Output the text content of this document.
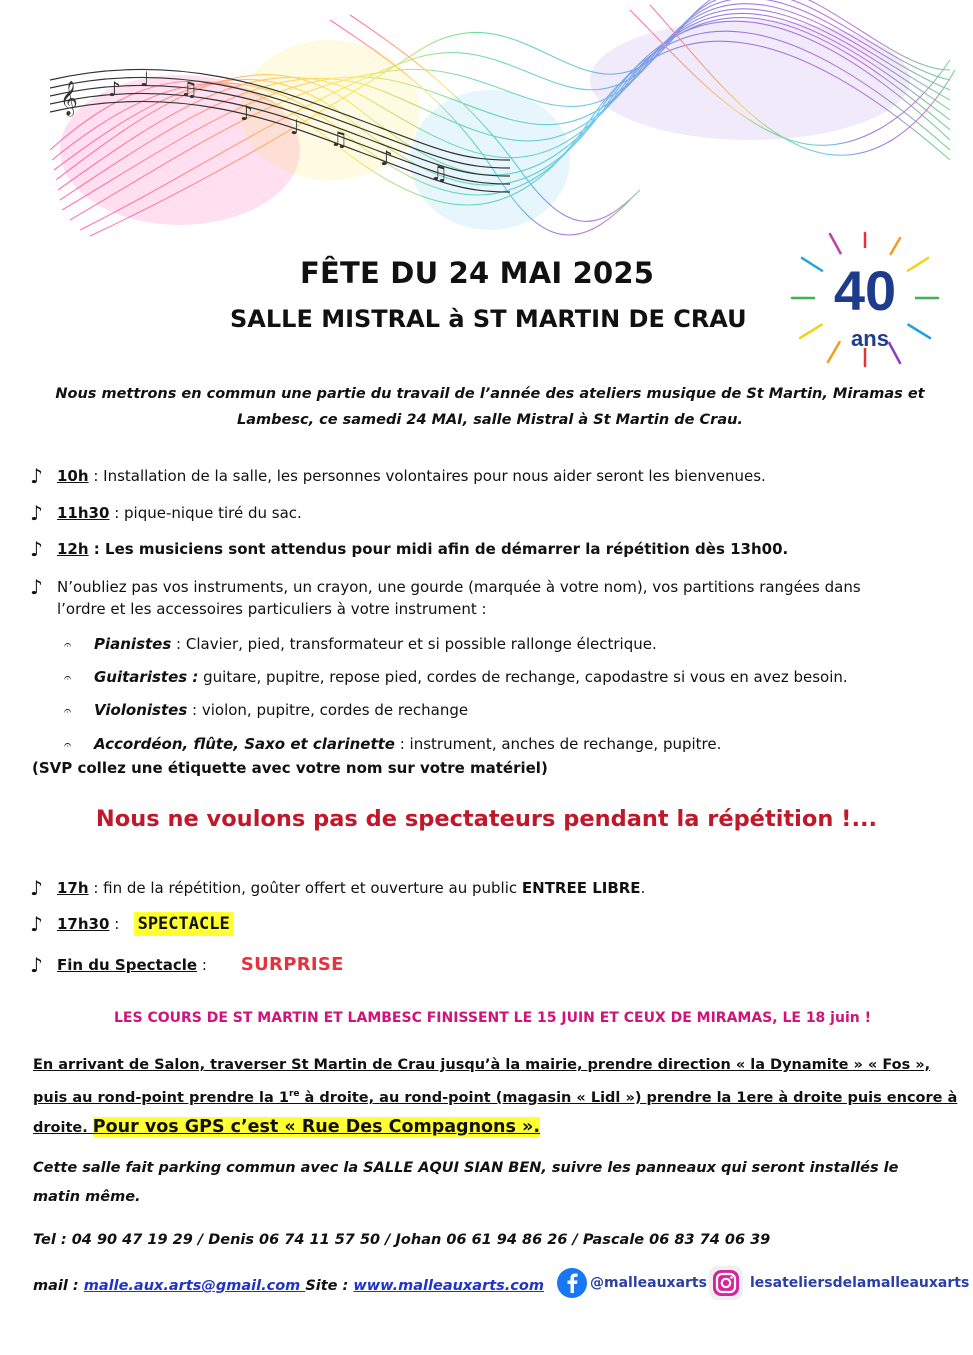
𝄞 ♪ ♩ ♫
♪
♩ ♫
♪
♫
40
ans
FÊTE DU 24 MAI 2025
SALLE MISTRAL à ST MARTIN DE CRAU
Nous mettrons en commun une partie du travail de l’année des ateliers musique de St Martin, Miramas et Lambesc, ce samedi 24 MAI, salle Mistral à St Martin de Crau.
♪ 10h : Installation de la salle, les personnes volontaires pour nous aider seront les bienvenues.
♪ 11h30 : pique-nique tiré du sac.
♪ 12h : Les musiciens sont attendus pour midi afin de démarrer la répétition dès 13h00.
♪ N’oubliez pas vos instruments, un crayon, une gourde (marquée à votre nom), vos partitions rangées dans
l’ordre et les accessoires particuliers à votre instrument :
𝄐 Pianistes : Clavier, pied, transformateur et si possible rallonge électrique.
𝄐 Guitaristes : guitare, pupitre, repose pied, cordes de rechange, capodastre si vous en avez besoin.
𝄐 Violonistes : violon, pupitre, cordes de rechange
𝄐 Accordéon, flûte, Saxo et clarinette : instrument, anches de rechange, pupitre.
(SVP collez une étiquette avec votre nom sur votre matériel)
Nous ne voulons pas de spectateurs pendant la répétition !...
♪ 17h : fin de la répétition, goûter offert et ouverture au public ENTREE LIBRE.
♪ 17h30 :   SPECTACLE
♪ Fin du Spectacle : SURPRISE
LES COURS DE ST MARTIN ET LAMBESC FINISSENT LE 15 JUIN ET CEUX DE MIRAMAS, LE 18 juin !
En arrivant de Salon, traverser St Martin de Crau jusqu’à la mairie, prendre direction « la Dynamite » « Fos », puis au rond-point prendre la 1re à droite, au rond-point (magasin « Lidl ») prendre la 1ere à droite puis encore à droite. Pour vos GPS c’est « Rue Des Compagnons ».
Cette salle fait parking commun avec la SALLE AQUI SIAN BEN, suivre les panneaux qui seront installés le matin même.
Tel : 04 90 47 19 29 / Denis 06 74 11 57 50 / Johan 06 61 94 86 26 / Pascale 06 83 74 06 39
mail : malle.aux.arts@gmail.com Site : www.malleauxarts.com	@malleauxarts	lesateliersdelamalleauxarts
